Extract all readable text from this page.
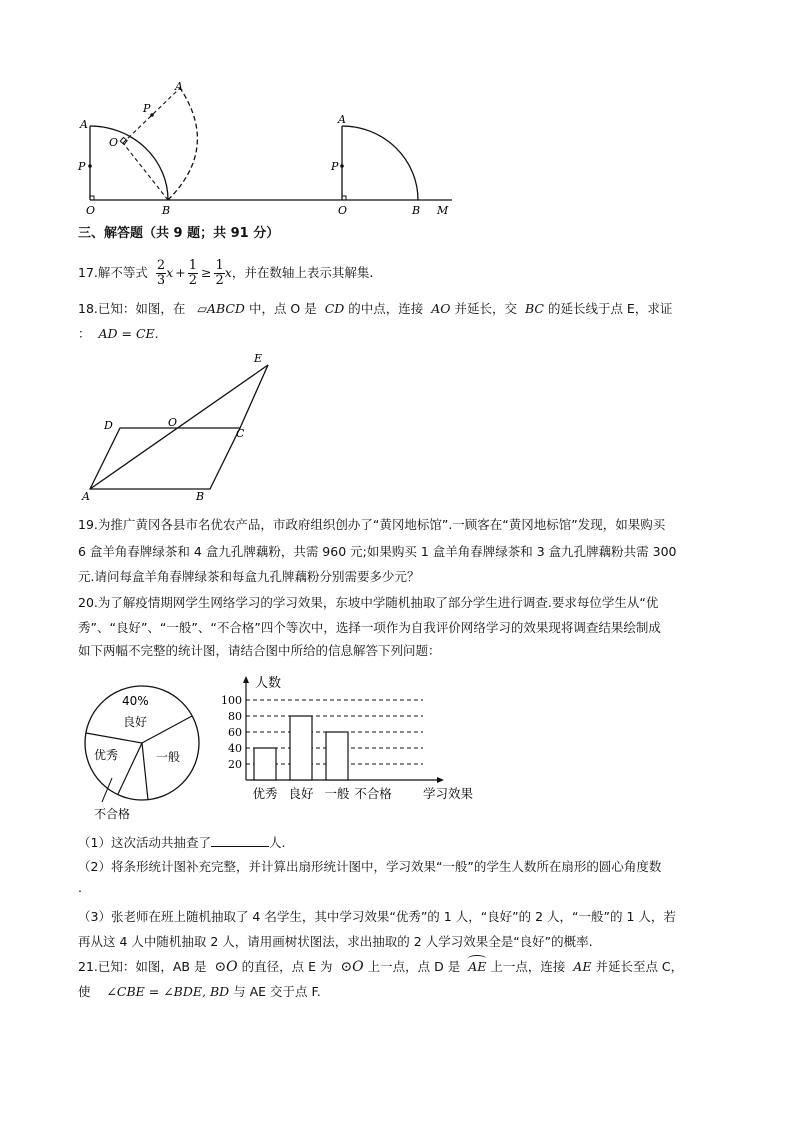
A
A
P
P
O
O
B
A
P
O	B M
三、解答题（共 9 题；共 91 分）
17.解不等式 $\frac{2}{3}$ $x + \frac{1}{2} \ge \frac{1}{2}$ x ，并在数轴上表示其解集.
18.已知：如图，在 ▱ABCD 中，点 O 是 CD 的中点，连接 AO 并延长，交 BC 的延长线于点 E，求证
： AD = CE.
E
D	O
C
A	B
19.为推广黄冈各县市名优农产品，市政府组织创办了“黄冈地标馆”.一顾客在“黄冈地标馆”发现，如果购买
6 盒羊角春牌绿茶和 4 盒九孔牌藕粉，共需 960 元;如果购买 1 盒羊角春牌绿茶和 3 盒九孔牌藕粉共需 300
元.请问每盒羊角春牌绿茶和每盒九孔牌藕粉分别需要多少元？
20.为了解疫情期网学生网络学习的学习效果，东坡中学随机抽取了部分学生进行调查.要求每位学生从“优
秀”、“良好”、“一般”、“不合格”四个等次中，选择一项作为自我评价网络学习的效果现将调查结果绘制成
如下两幅不完整的统计图，请结合图中所给的信息解答下列问题：
40%
良好
优秀	一般
不合格
人数
20
40
60
80
100
优秀 良好 一般 不合格 学习效果
（1）这次活动共抽查了	人.
（2）将条形统计图补充完整，并计算出扇形统计图中，学习效果“一般”的学生人数所在扇形的圆心角度数
.
（3）张老师在班上随机抽取了 4 名学生，其中学习效果“优秀”的 1 人，“良好”的 2 人，“一般”的 1 人，若
再从这 4 人中随机抽取 2 人，请用画树状图法，求出抽取的 2 人学习效果全是“良好”的概率.
21.已知：如图，AB 是 ⊙O 的直径，点 E 为 ⊙O 上一点，点 D 是 AE 上一点，连接 AE 并延长至点 C，
使 ∠CBE = ∠BDE, BD 与 AE 交于点 F.
